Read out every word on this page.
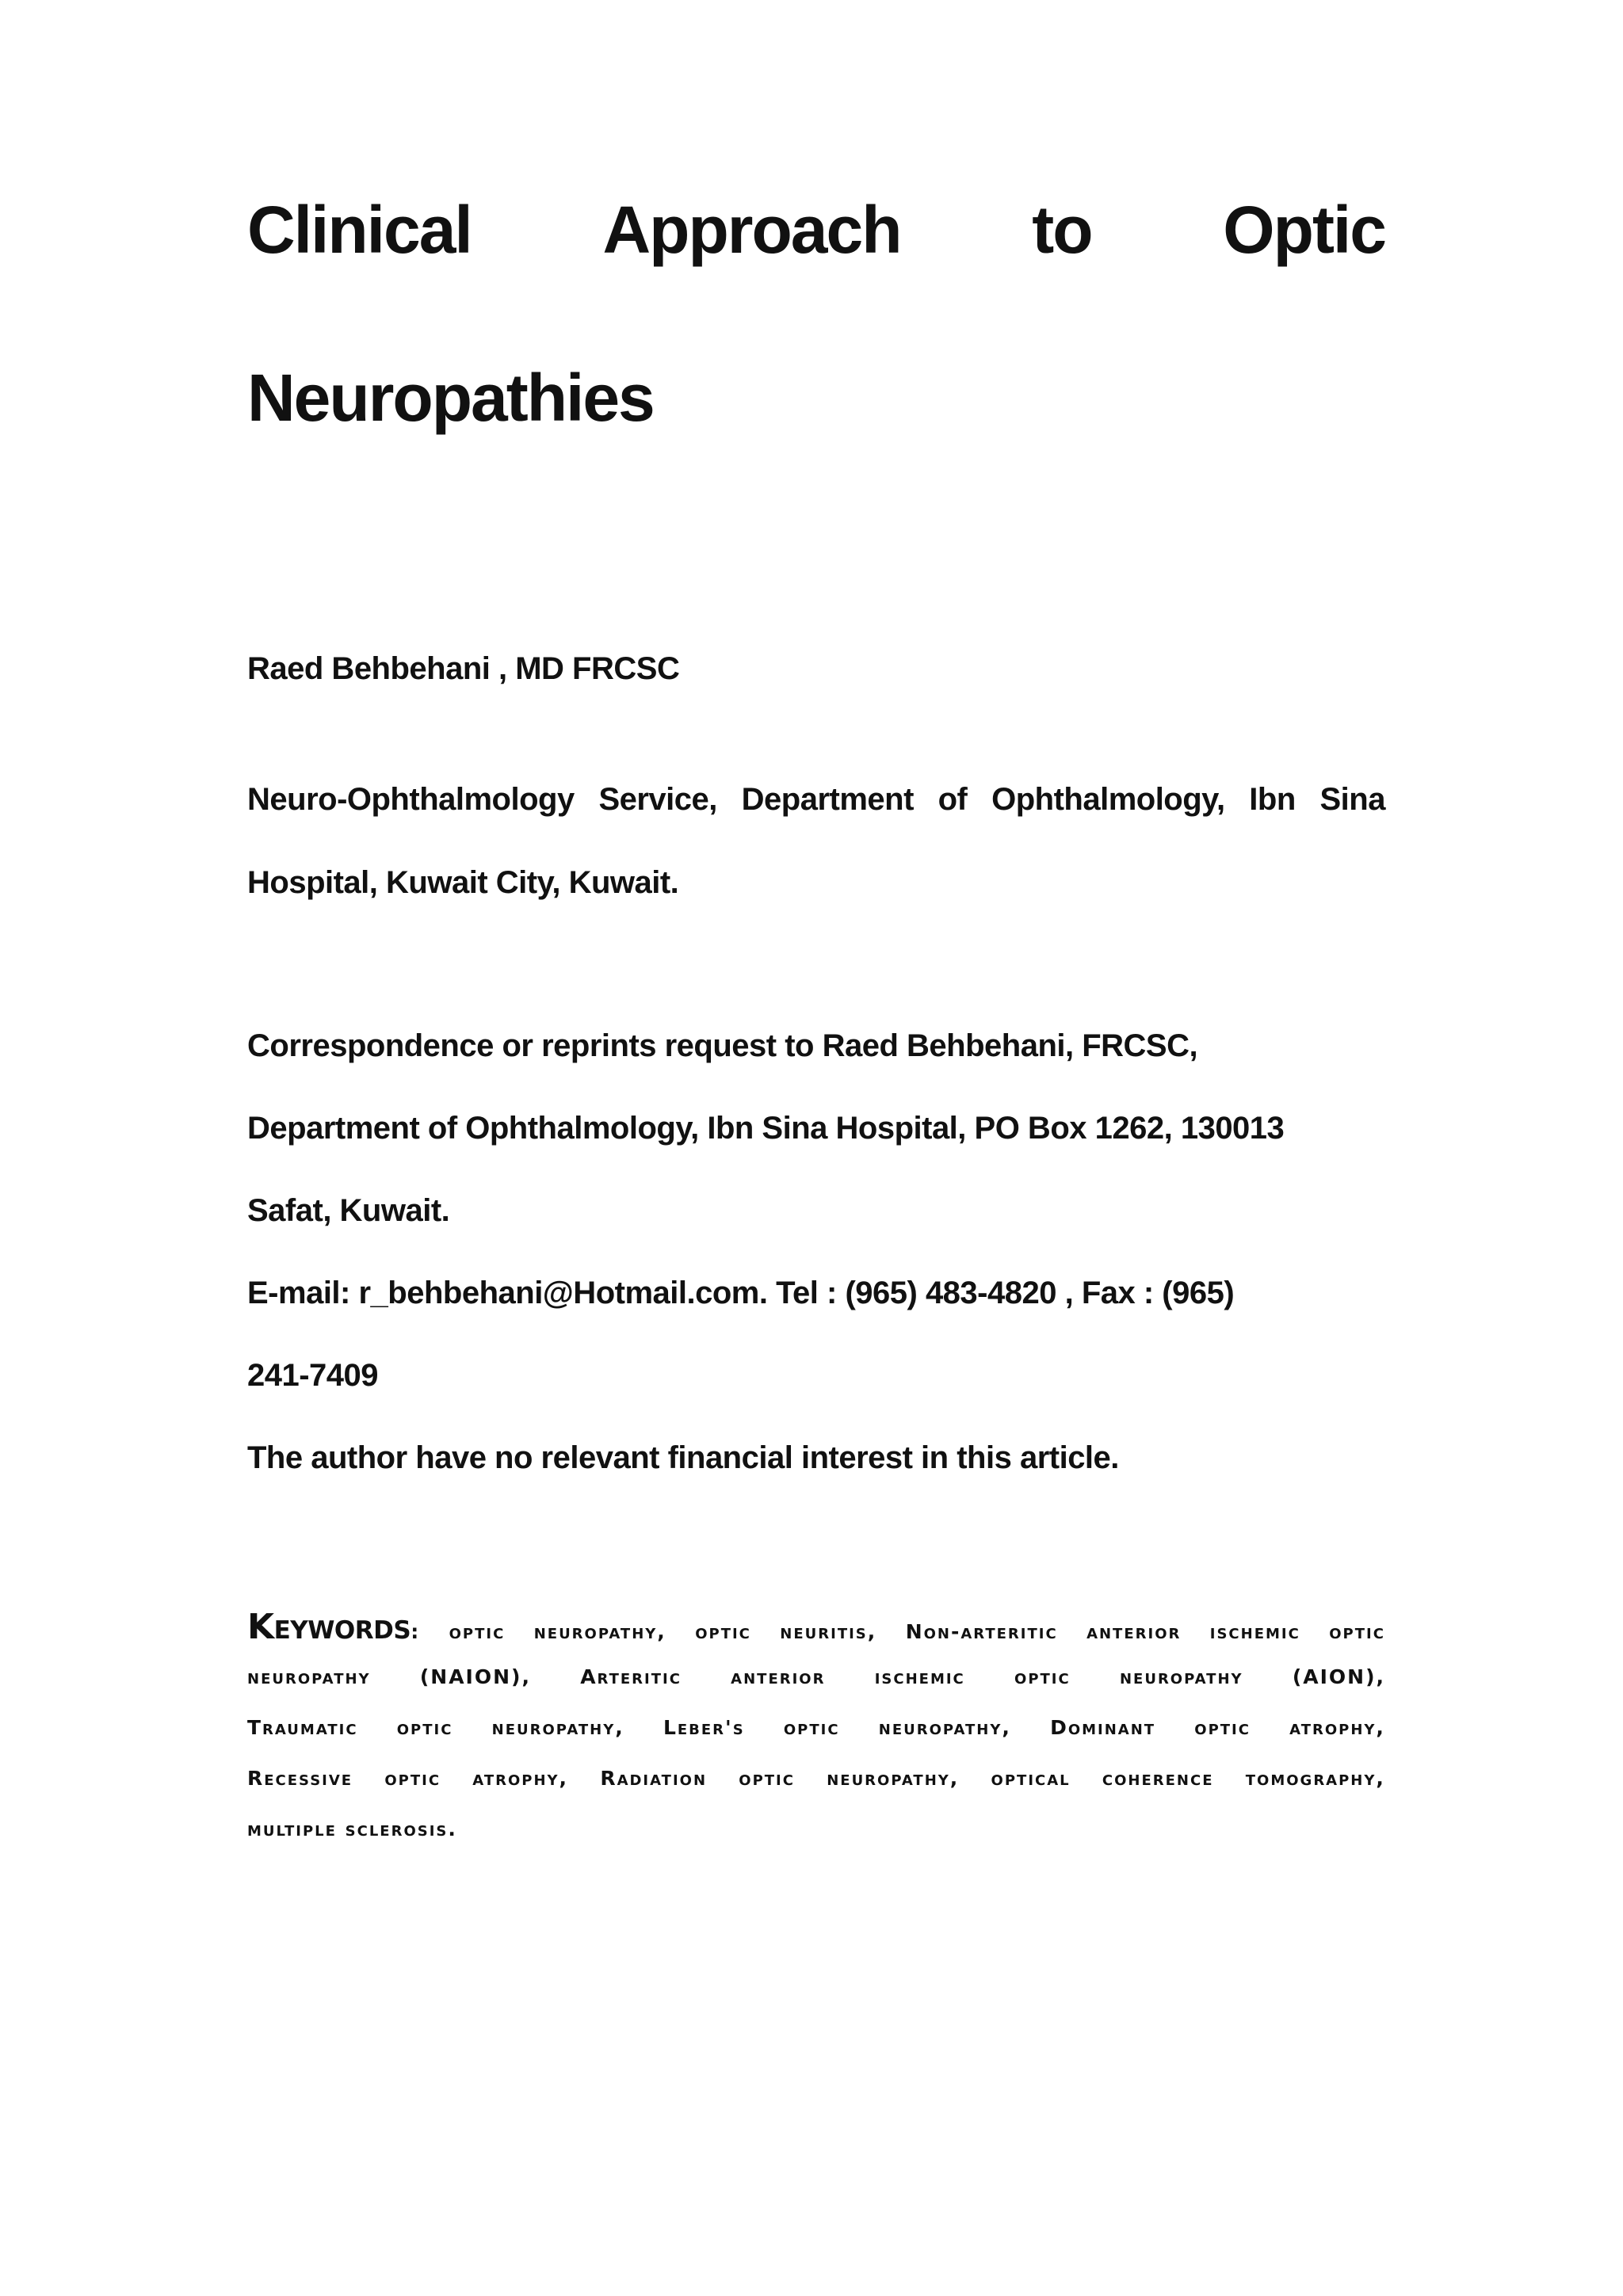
Clinical Approach to Optic
Neuropathies
Raed Behbehani , MD FRCSC
Neuro-Ophthalmology Service, Department of Ophthalmology, Ibn Sina
Hospital, Kuwait City, Kuwait.
Correspondence or reprints request to Raed Behbehani, FRCSC,
Department of Ophthalmology, Ibn Sina Hospital, PO Box 1262, 130013
Safat, Kuwait.
E-mail: r_behbehani@Hotmail.com. Tel : (965) 483-4820 , Fax : (965)
241-7409
The author have no relevant financial interest in this article.
Keywords: optic neuropathy, optic neuritis, Non-arteritic anterior ischemic optic
neuropathy (NAION), Arteritic anterior ischemic optic neuropathy (AION),
Traumatic optic neuropathy, Leber's optic neuropathy, Dominant optic atrophy,
Recessive optic atrophy, Radiation optic neuropathy, optical coherence tomography,
multiple sclerosis.
